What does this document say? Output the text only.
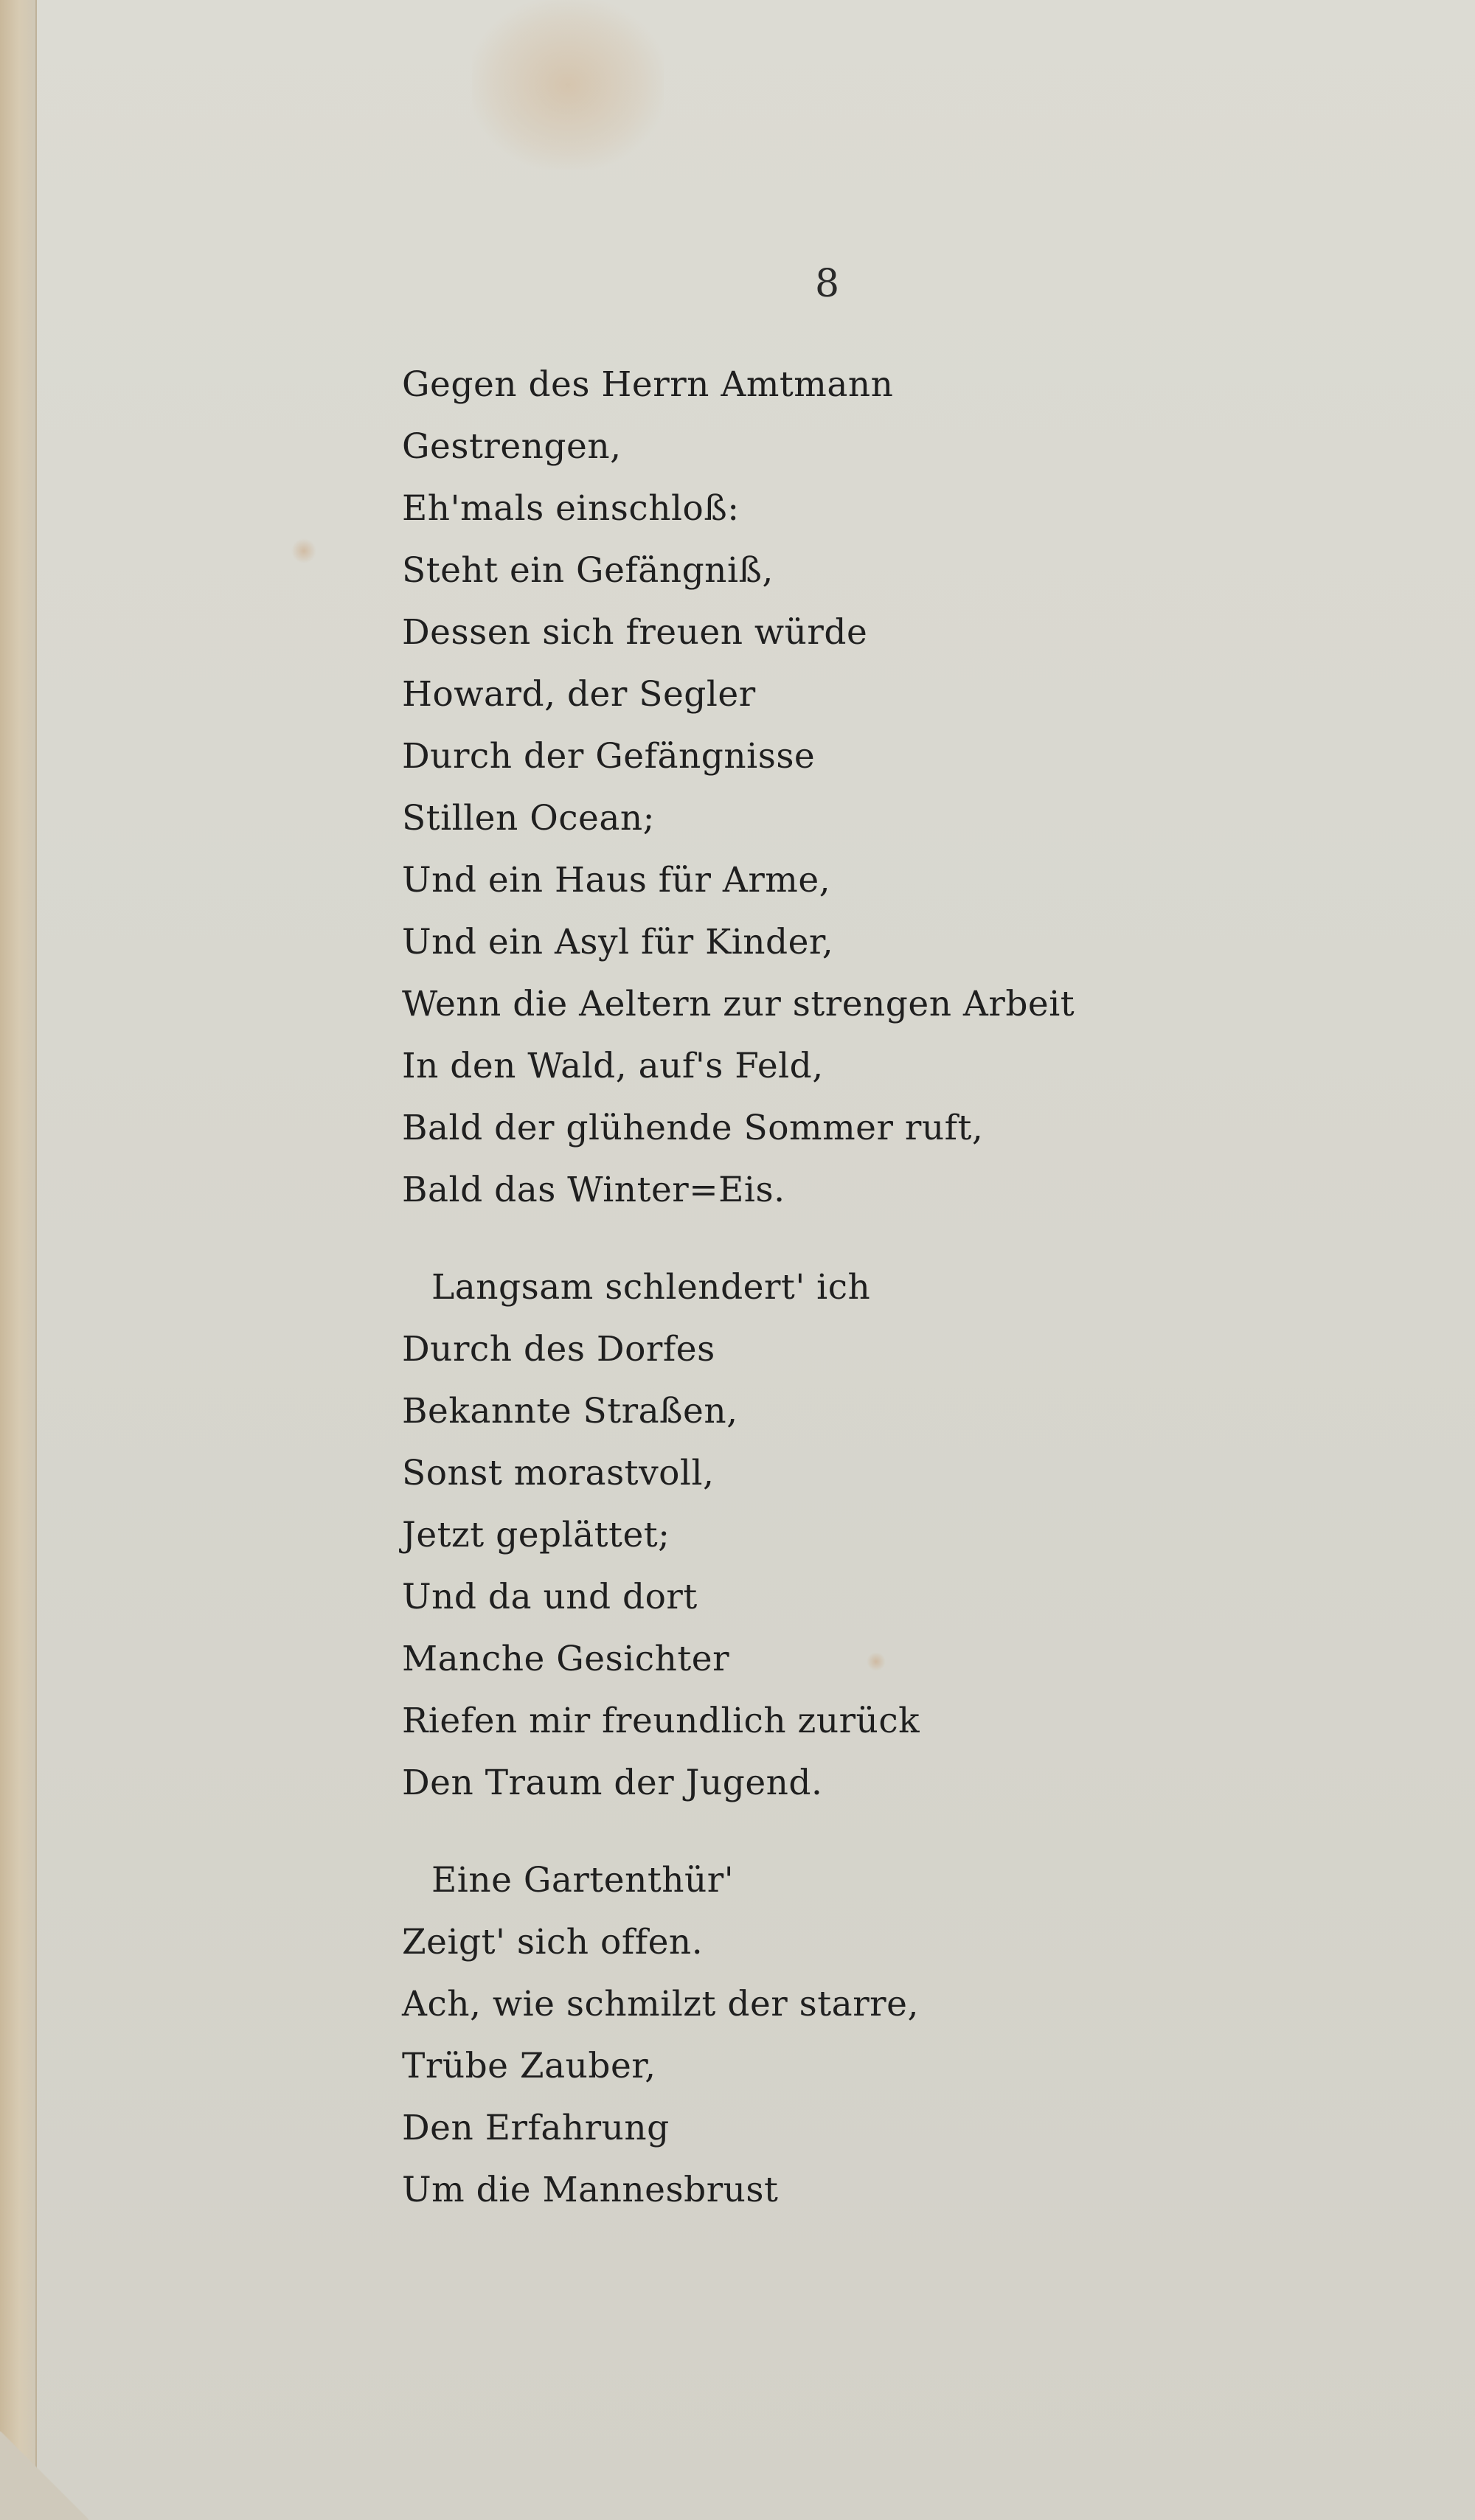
8
Gegen des Herrn Amtmann
Gestrengen,
Eh'mals einschloß:
Steht ein Gefängniß,
Dessen sich freuen würde
Howard, der Segler
Durch der Gefängnisse
Stillen Ocean;
Und ein Haus für Arme,
Und ein Asyl für Kinder,
Wenn die Aeltern zur strengen Arbeit
In den Wald, auf's Feld,
Bald der glühende Sommer ruft,
Bald das Winter=Eis.
Langsam schlendert' ich
Durch des Dorfes
Bekannte Straßen,
Sonst morastvoll,
Jetzt geplättet;
Und da und dort
Manche Gesichter
Riefen mir freundlich zurück
Den Traum der Jugend.
Eine Gartenthür'
Zeigt' sich offen.
Ach, wie schmilzt der starre,
Trübe Zauber,
Den Erfahrung
Um die Mannesbrust
